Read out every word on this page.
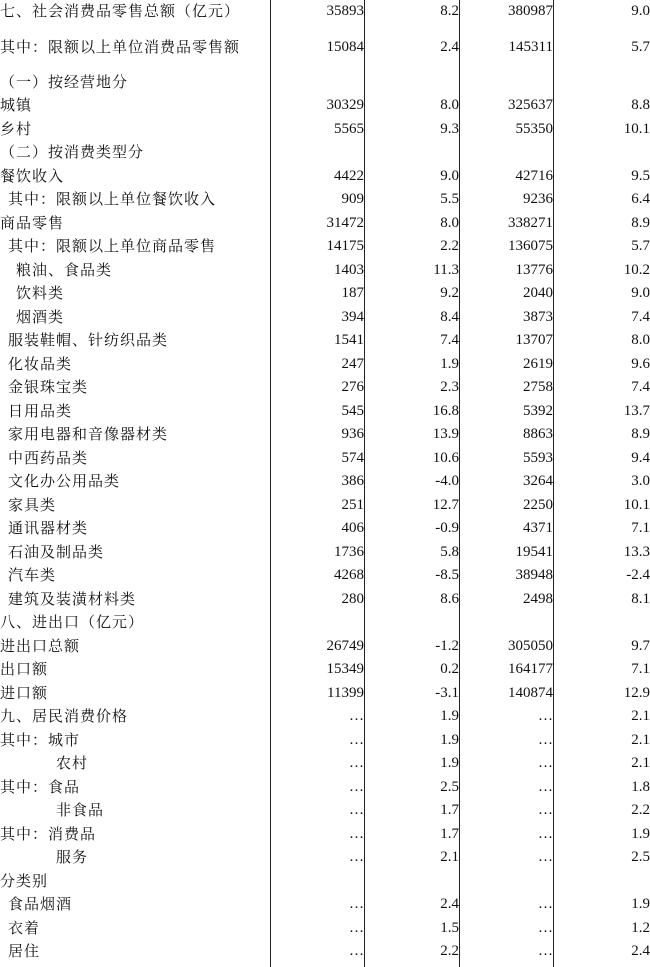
七、社会消费品零售总额（亿元）	35893	8.2	380987	9.0
其中：限额以上单位消费品零售额	15084	2.4	145311	5.7
（一）按经营地分				
城镇	30329	8.0	325637	8.8
乡村	5565	9.3	55350	10.1
（二）按消费类型分				
餐饮收入	4422	9.0	42716	9.5
其中：限额以上单位餐饮收入	909	5.5	9236	6.4
商品零售	31472	8.0	338271	8.9
其中：限额以上单位商品零售	14175	2.2	136075	5.7
粮油、食品类	1403	11.3	13776	10.2
饮料类	187	9.2	2040	9.0
烟酒类	394	8.4	3873	7.4
服装鞋帽、针纺织品类	1541	7.4	13707	8.0
化妆品类	247	1.9	2619	9.6
金银珠宝类	276	2.3	2758	7.4
日用品类	545	16.8	5392	13.7
家用电器和音像器材类	936	13.9	8863	8.9
中西药品类	574	10.6	5593	9.4
文化办公用品类	386	-4.0	3264	3.0
家具类	251	12.7	2250	10.1
通讯器材类	406	-0.9	4371	7.1
石油及制品类	1736	5.8	19541	13.3
汽车类	4268	-8.5	38948	-2.4
建筑及装潢材料类	280	8.6	2498	8.1
八、进出口（亿元）				
进出口总额	26749	-1.2	305050	9.7
出口额	15349	0.2	164177	7.1
进口额	11399	-3.1	140874	12.9
九、居民消费价格	…	1.9	…	2.1
其中：城市	…	1.9	…	2.1
农村	…	1.9	…	2.1
其中：食品	…	2.5	…	1.8
非食品	…	1.7	…	2.2
其中：消费品	…	1.7	…	1.9
服务	…	2.1	…	2.5
分类别				
食品烟酒	…	2.4	…	1.9
衣着	…	1.5	…	1.2
居住	…	2.2	…	2.4
